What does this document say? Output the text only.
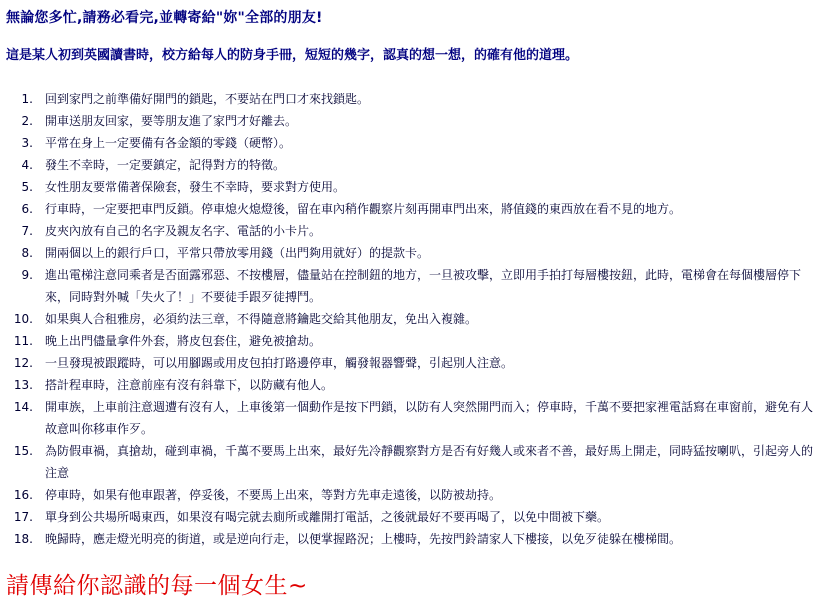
無論您多忙,請務必看完,並轉寄給"妳"全部的朋友!
這是某人初到英國讀書時，校方給每人的防身手冊，短短的幾字，認真的想一想，的確有他的道理。
1. 回到家門之前準備好開門的鎖匙，不要站在門口才來找鎖匙。
2. 開車送朋友回家，要等朋友進了家門才好離去。
3. 平常在身上一定要備有各金額的零錢（硬幣）。
4. 發生不幸時，一定要鎮定，記得對方的特徵。
5. 女性朋友要常備著保險套，發生不幸時，要求對方使用。
6. 行車時，一定要把車門反鎖。停車熄火熄燈後，留在車內稍作觀察片刻再開車門出來，將值錢的東西放在看不見的地方。
7. 皮夾內放有自己的名字及親友名字、電話的小卡片。
8. 開兩個以上的銀行戶口，平常只帶放零用錢（出門夠用就好）的提款卡。
9. 進出電梯注意同乘者是否面露邪惡、不按樓層，儘量站在控制鈕的地方，一旦被攻擊，立即用手拍打每層樓按鈕，此時，電梯會在每個樓層停下來，同時對外喊「失火了！」不要徒手跟歹徒搏鬥。
10. 如果與人合租雅房，必須約法三章，不得隨意將鑰匙交給其他朋友，免出入複雜。
11. 晚上出門儘量拿件外套，將皮包套住，避免被搶劫。
12. 一旦發現被跟蹤時，可以用腳踢或用皮包拍打路邊停車，觸發報器響聲，引起別人注意。
13. 搭計程車時，注意前座有沒有斜靠下，以防藏有他人。
14. 開車族，上車前注意週遭有沒有人，上車後第一個動作是按下門鎖，以防有人突然開門而入；停車時，千萬不要把家裡電話寫在車窗前，避免有人故意叫你移車作歹。
15. 為防假車禍，真搶劫，碰到車禍，千萬不要馬上出來，最好先冷靜觀察對方是否有好幾人或來者不善，最好馬上開走，同時猛按喇叭，引起旁人的注意
16. 停車時，如果有他車跟著，停妥後，不要馬上出來，等對方先車走遠後，以防被劫持。
17. 單身到公共場所喝東西，如果沒有喝完就去廁所或離開打電話，之後就最好不要再喝了，以免中間被下藥。
18. 晚歸時，應走燈光明亮的街道，或是逆向行走，以便掌握路況；上樓時，先按門鈴請家人下樓接，以免歹徒躲在樓梯間。
請傳給你認識的每一個女生~
